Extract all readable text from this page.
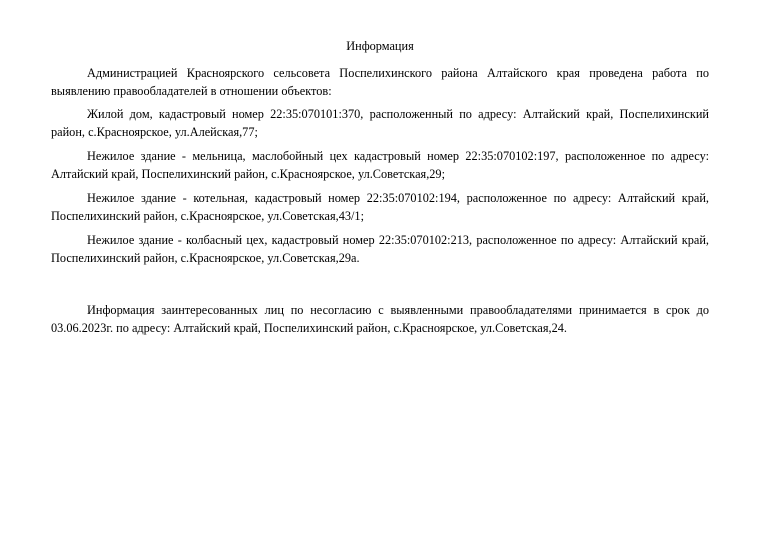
Информация

Администрацией Красноярского сельсовета Поспелихинского района Алтайского края проведена работа по выявлению правообладателей в отношении объектов:

Жилой дом, кадастровый номер 22:35:070101:370, расположенный по адресу: Алтайский край, Поспелихинский район, с.Красноярское, ул.Алейская,77;

Нежилое здание - мельница, маслобойный цех кадастровый номер 22:35:070102:197, расположенное по адресу: Алтайский край, Поспелихинский район, с.Красноярское, ул.Советская,29;

Нежилое здание - котельная, кадастровый номер 22:35:070102:194, расположенное по адресу: Алтайский край, Поспелихинский район, с.Красноярское, ул.Советская,43/1;

Нежилое здание - колбасный цех, кадастровый номер 22:35:070102:213, расположенное по адресу: Алтайский край, Поспелихинский район, с.Красноярское, ул.Советская,29а.

Информация заинтересованных лиц по несогласию с выявленными правообладателями принимается в срок до 03.06.2023г. по адресу: Алтайский край, Поспелихинский район, с.Красноярское, ул.Советская,24.
